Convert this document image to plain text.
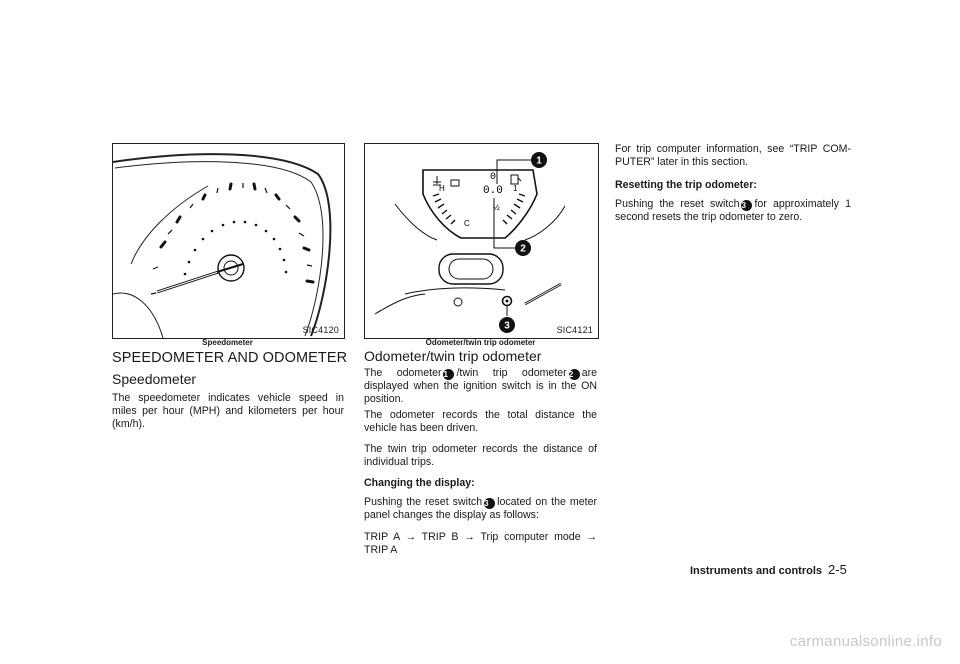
SIC4120
Speedometer
H
C
½
1
0
0.0
1
2
3	SIC4121
Odometer/twin trip odometer
SPEEDOMETER AND ODOMETER
Speedometer
The speedometer indicates vehicle speed in miles per hour (MPH) and kilometers per hour (km/h).
Odometer/twin trip odometer
The odometer 1 /twin trip odometer 2 are displayed when the ignition switch is in the ON position.
The odometer records the total distance the vehicle has been driven.
The twin trip odometer records the distance of individual trips.
Changing the display:
Pushing the reset switch 3 located on the meter panel changes the display as follows:
TRIP A → TRIP B → Trip computer mode → TRIP A
For trip computer information, see “TRIP COM-PUTER” later in this section.
Resetting the trip odometer:
Pushing the reset switch 3 for approximately 1 second resets the trip odometer to zero.
Instruments and controls 2-5
carmanualsonline.info
